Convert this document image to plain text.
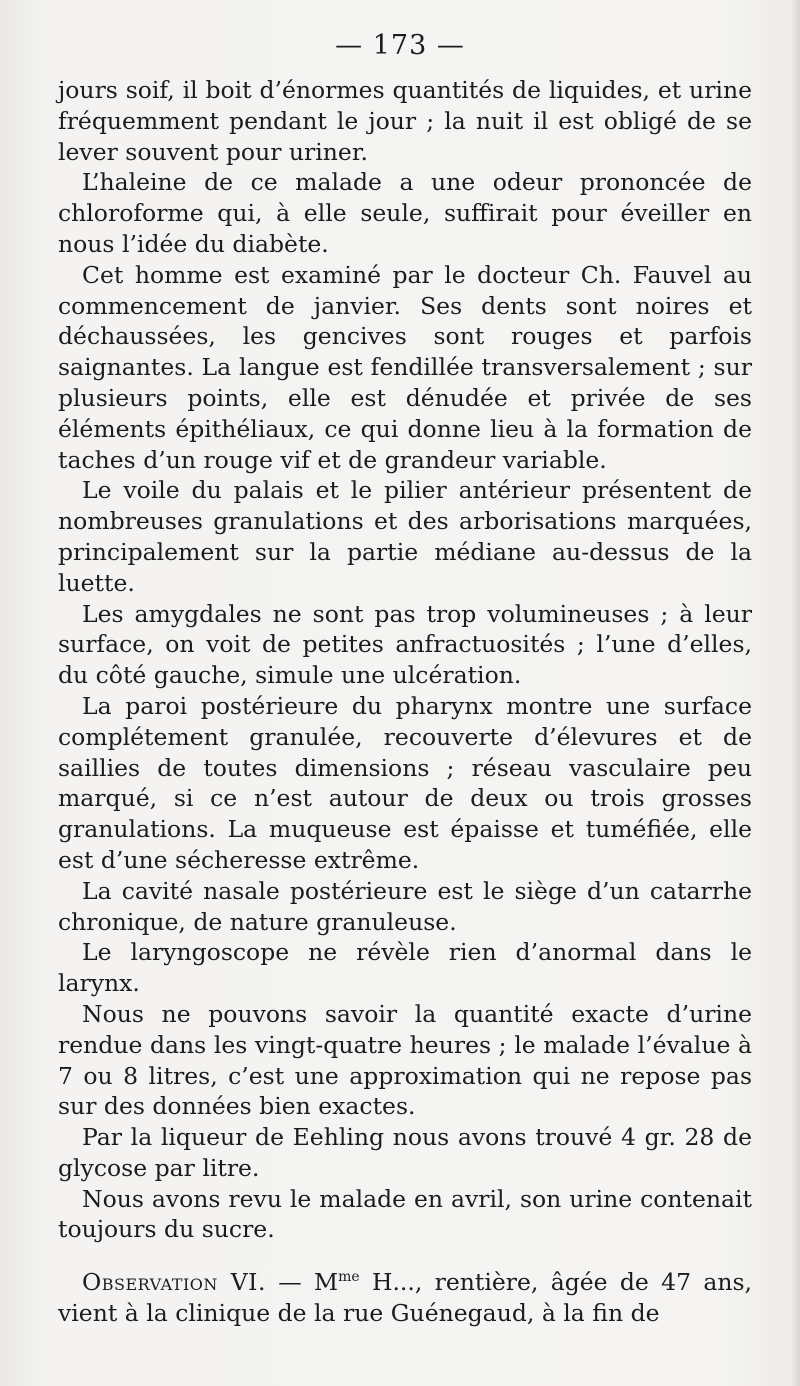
— 173 —

jours soif, il boit d’énormes quantités de liquides, et urine fréquemment pendant le jour ; la nuit il est obligé de se lever souvent pour uriner.

L’haleine de ce malade a une odeur prononcée de chloroforme qui, à elle seule, suffirait pour éveiller en nous l’idée du diabète.

Cet homme est examiné par le docteur Ch. Fauvel au commencement de janvier. Ses dents sont noires et déchaussées, les gencives sont rouges et parfois saignantes. La langue est fendillée transversalement ; sur plusieurs points, elle est dénudée et privée de ses éléments épithéliaux, ce qui donne lieu à la formation de taches d’un rouge vif et de grandeur variable.

Le voile du palais et le pilier antérieur présentent de nombreuses granulations et des arborisations marquées, principalement sur la partie médiane au-dessus de la luette.

Les amygdales ne sont pas trop volumineuses ; à leur surface, on voit de petites anfractuosités ; l’une d’elles, du côté gauche, simule une ulcération.

La paroi postérieure du pharynx montre une surface complétement granulée, recouverte d’élevures et de saillies de toutes dimensions ; réseau vasculaire peu marqué, si ce n’est autour de deux ou trois grosses granulations. La muqueuse est épaisse et tuméfiée, elle est d’une sécheresse extrême.

La cavité nasale postérieure est le siège d’un catarrhe chronique, de nature granuleuse.

Le laryngoscope ne révèle rien d’anormal dans le larynx.

Nous ne pouvons savoir la quantité exacte d’urine rendue dans les vingt-quatre heures ; le malade l’évalue à 7 ou 8 litres, c’est une approximation qui ne repose pas sur des données bien exactes.

Par la liqueur de Eehling nous avons trouvé 4 gr. 28 de glycose par litre.

Nous avons revu le malade en avril, son urine contenait toujours du sucre.

Observation VI. — $M^{me}$ H..., rentière, âgée de 47 ans, vient à la clinique de la rue Guénegaud, à la fin de
